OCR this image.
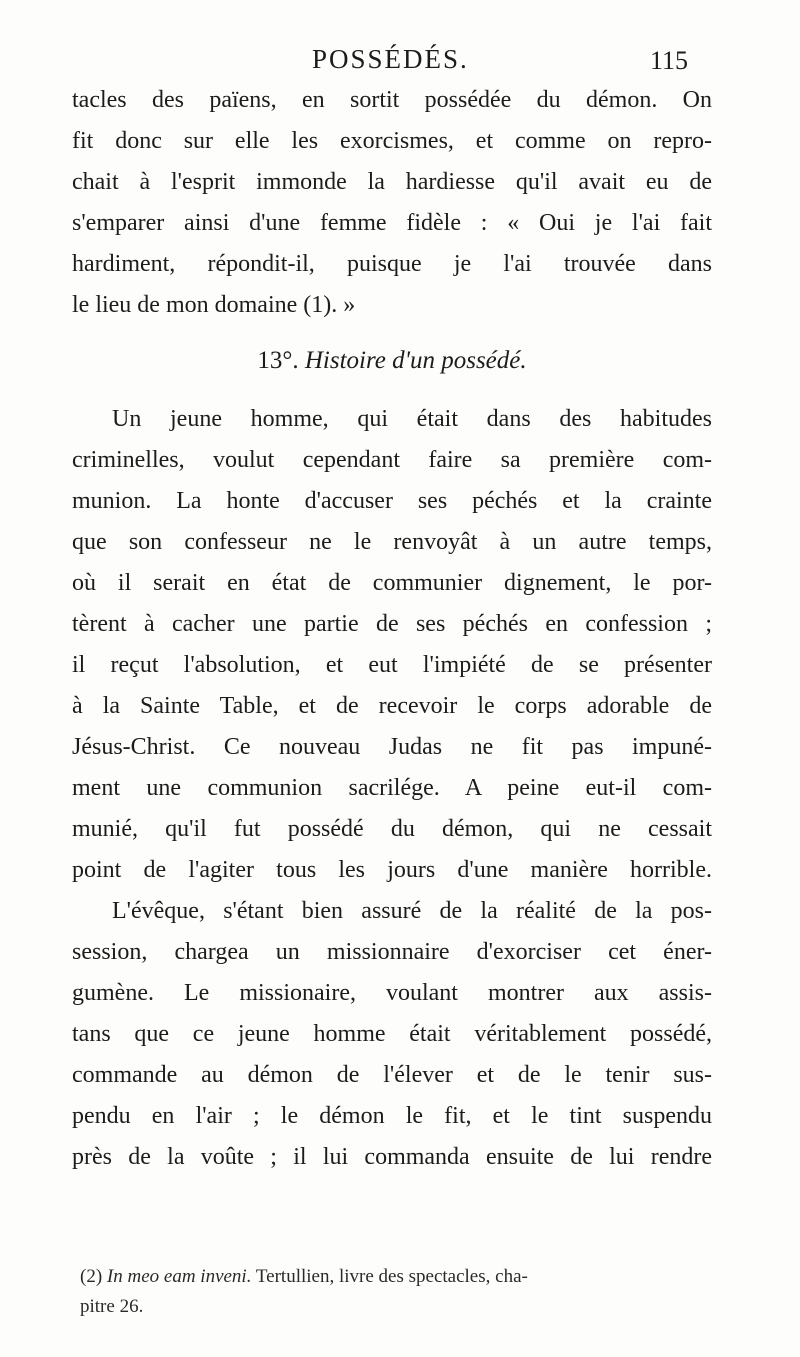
POSSÉDÉS.	115
tacles des païens, en sortit possédée du démon. On
fit donc sur elle les exorcismes, et comme on repro-
chait à l'esprit immonde la hardiesse qu'il avait eu de
s'emparer ainsi d'une femme fidèle : « Oui je l'ai fait
hardiment, répondit-il, puisque je l'ai trouvée dans
le lieu de mon domaine (1). »
13°. Histoire d'un possédé.
Un jeune homme, qui était dans des habitudes
criminelles, voulut cependant faire sa première com-
munion. La honte d'accuser ses péchés et la crainte
que son confesseur ne le renvoyât à un autre temps,
où il serait en état de communier dignement, le por-
tèrent à cacher une partie de ses péchés en confession ;
il reçut l'absolution, et eut l'impiété de se présenter
à la Sainte Table, et de recevoir le corps adorable de
Jésus-Christ. Ce nouveau Judas ne fit pas impuné-
ment une communion sacrilége. A peine eut-il com-
munié, qu'il fut possédé du démon, qui ne cessait
point de l'agiter tous les jours d'une manière horrible.
L'évêque, s'étant bien assuré de la réalité de la pos-
session, chargea un missionnaire d'exorciser cet éner-
gumène. Le missionaire, voulant montrer aux assis-
tans que ce jeune homme était véritablement possédé,
commande au démon de l'élever et de le tenir sus-
pendu en l'air ; le démon le fit, et le tint suspendu
près de la voûte ; il lui commanda ensuite de lui rendre
(2) In meo eam inveni. Tertullien, livre des spectacles, cha-
pitre 26.
